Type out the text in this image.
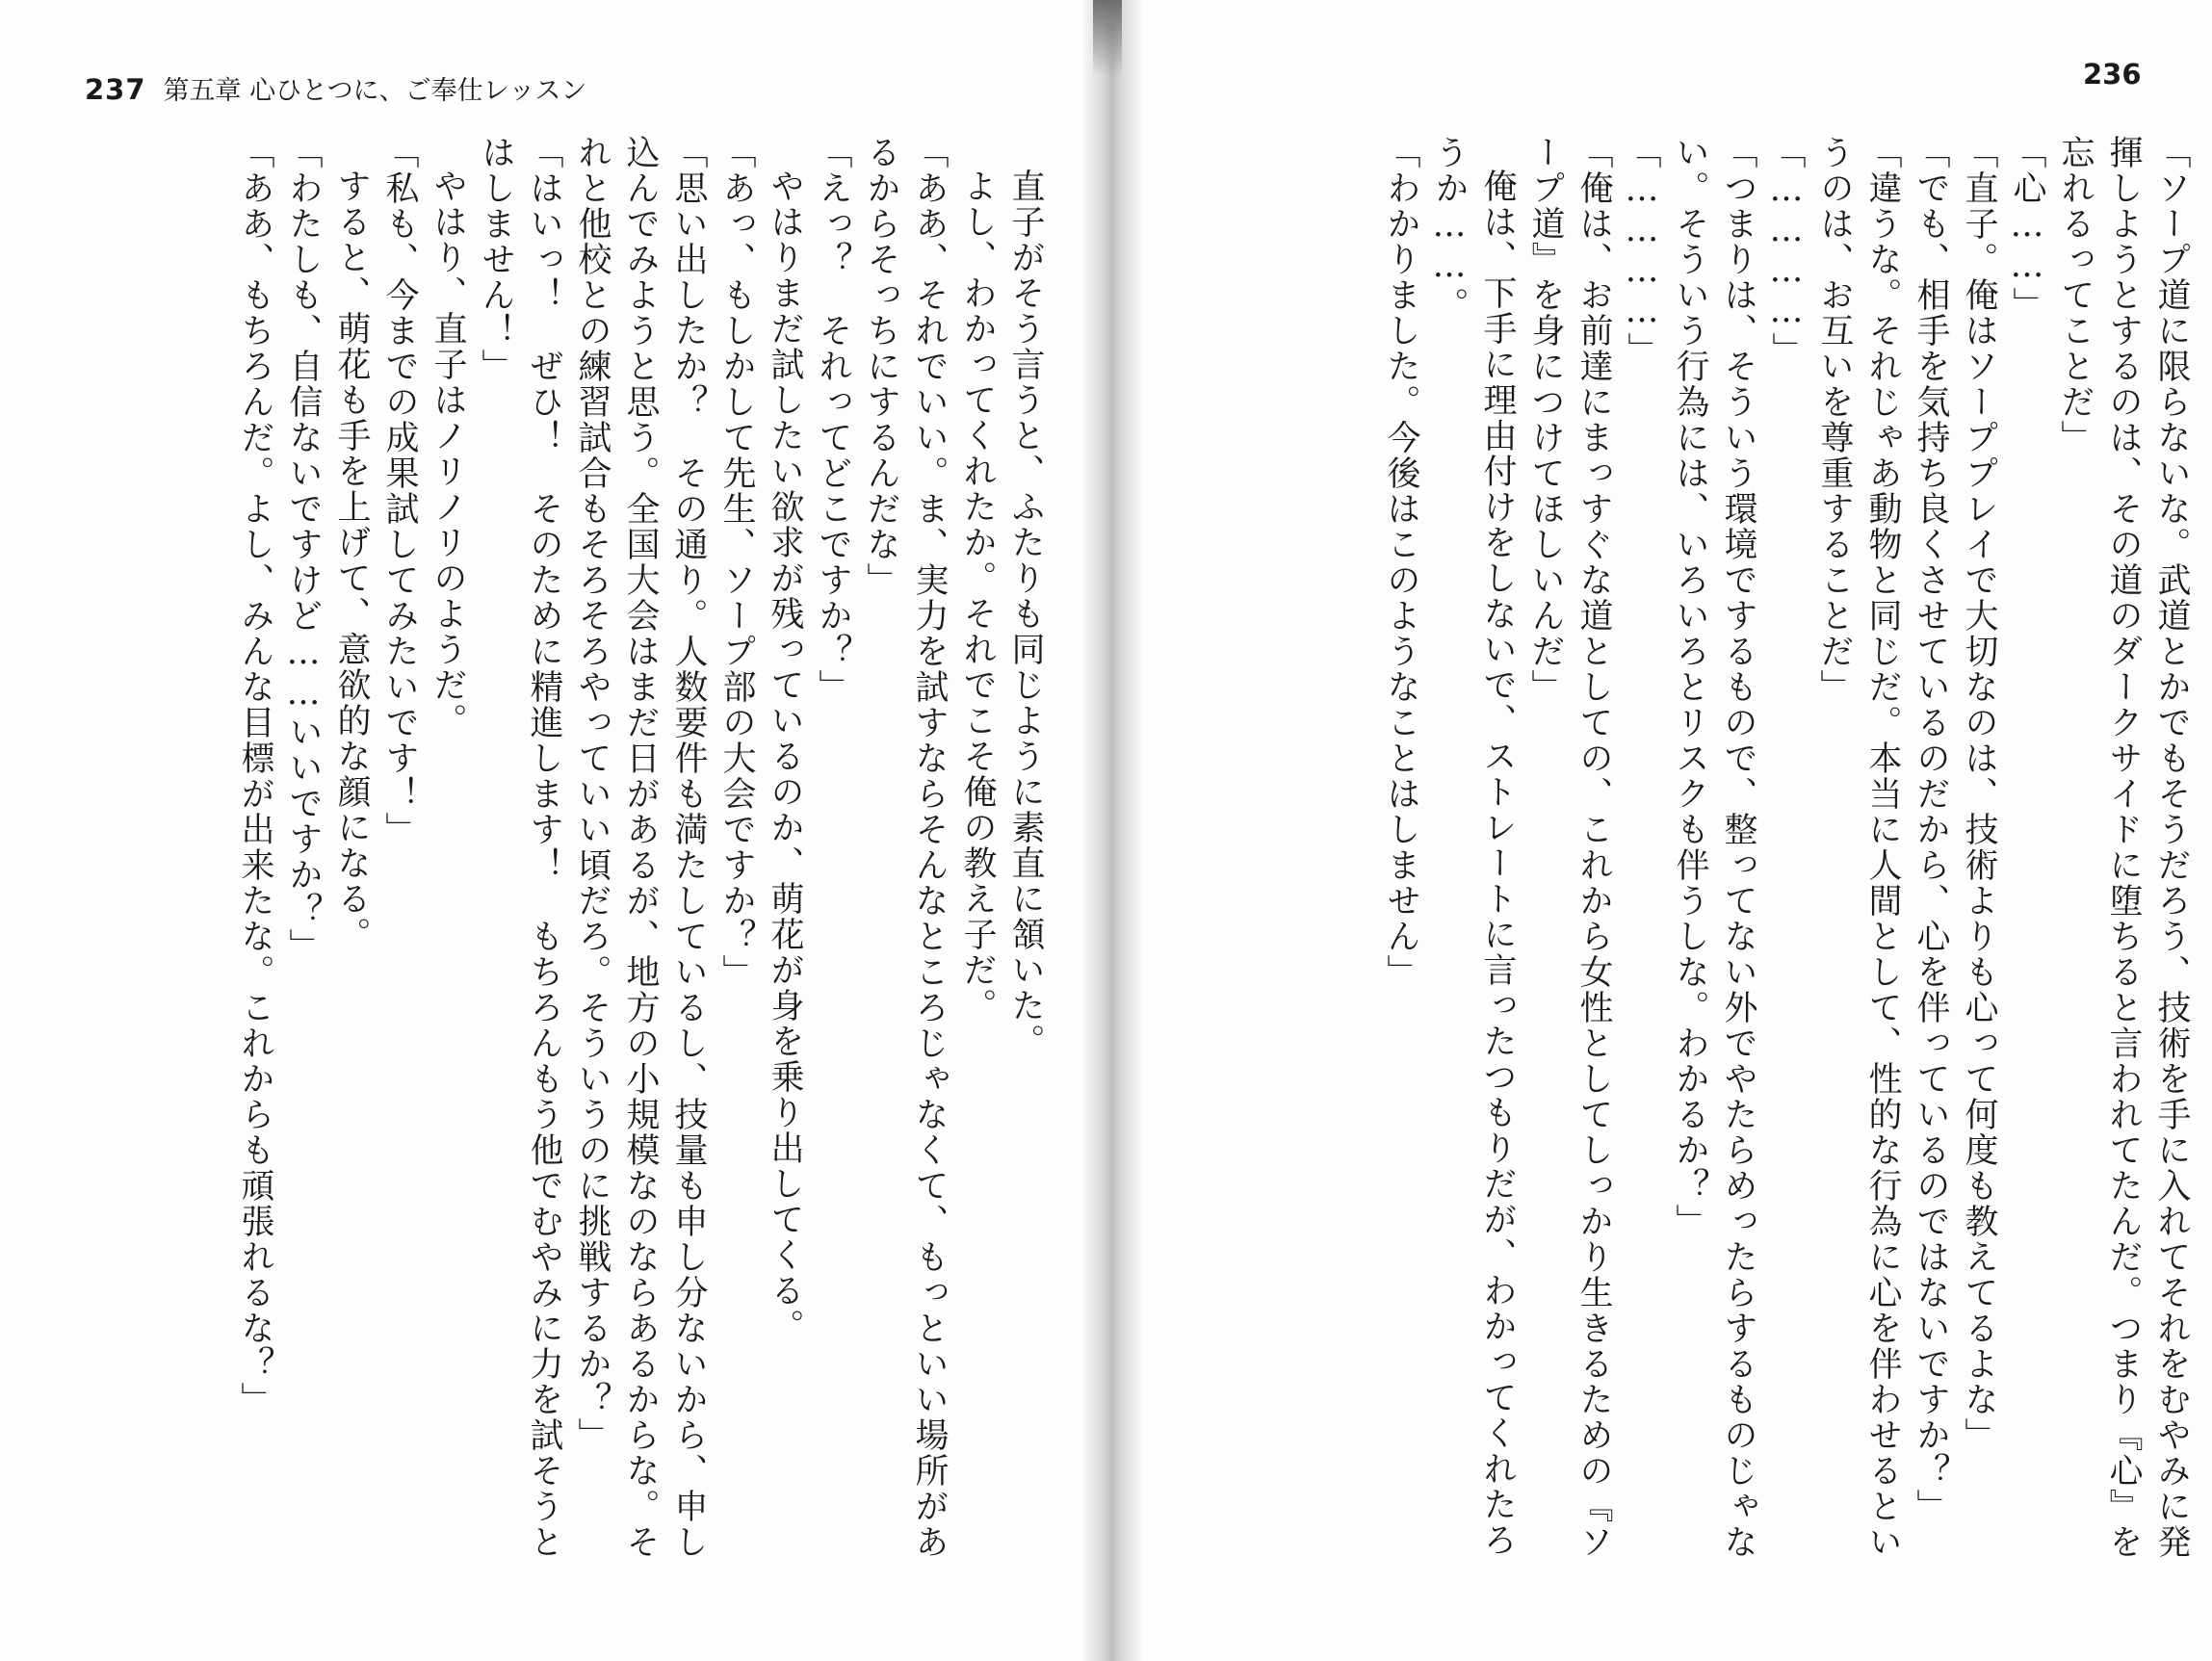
237 第五章 心ひとつに、ご奉仕レッスン
直子がそう言うと、ふたりも同じように素直に頷いた。
よし、わかってくれたか。それでこそ俺の教え子だ。
「ああ、それでいい。ま、実力を試すならそんなところじゃなくて、もっといい場所があるからそっちにするんだな」
「えっ？　それってどこですか？」
やはりまだ試したい欲求が残っているのか、萌花が身を乗り出してくる。
「あっ、もしかして先生、ソープ部の大会ですか？」
「思い出したか？　その通り。人数要件も満たしているし、技量も申し分ないから、申し込んでみようと思う。全国大会はまだ日があるが、地方の小規模なのならあるからな。それと他校との練習試合もそろそろやっていい頃だろ。そういうのに挑戦するか？」
「はいっ！　ぜひ！　そのために精進します！　もちろんもう他でむやみに力を試そうとはしません！」
やはり、直子はノリノリのようだ。
「私も、今までの成果試してみたいです！」
すると、萌花も手を上げて、意欲的な顔になる。
「わたしも、自信ないですけど……いいですか？」
「ああ、もちろんだ。よし、みんな目標が出来たな。これからも頑張れるな？」
236
「ソープ道に限らないな。武道とかでもそうだろう、技術を手に入れてそれをむやみに発揮しようとするのは、その道のダークサイドに堕ちると言われてたんだ。つまり『心』を忘れるってことだ」
「心……」
「直子。俺はソーププレイで大切なのは、技術よりも心って何度も教えてるよな」
「でも、相手を気持ち良くさせているのだから、心を伴っているのではないですか？」
「違うな。それじゃあ動物と同じだ。本当に人間として、性的な行為に心を伴わせるというのは、お互いを尊重することだ」
「…………」
「つまりは、そういう環境でするもので、整ってない外でやたらめったらするものじゃない。そういう行為には、いろいろとリスクも伴うしな。わかるか？」
「…………」
「俺は、お前達にまっすぐな道としての、これから女性としてしっかり生きるための『ソープ道』を身につけてほしいんだ」
俺は、下手に理由付けをしないで、ストレートに言ったつもりだが、わかってくれたろうか……。
「わかりました。今後はこのようなことはしません」
